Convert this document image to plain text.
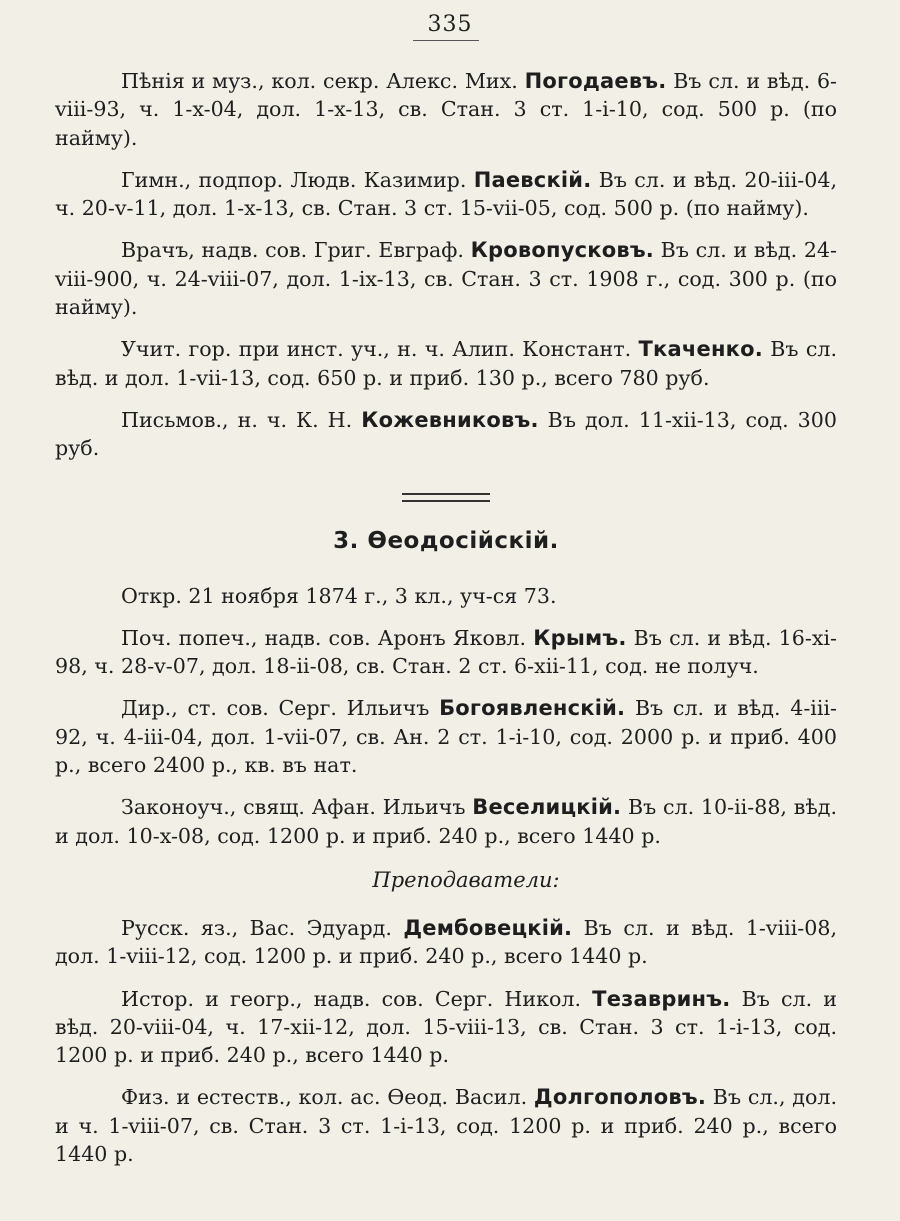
335

Пѣнія и муз., кол. секр. Алекс. Мих. Погодаевъ. Въ сл. и вѣд. 6-viii-93, ч. 1-x-04, дол. 1-x-13, св. Стан. 3 ст. 1-i-10, сод. 500 р. (по найму).

Гимн., подпор. Людв. Казимир. Паевскій. Въ сл. и вѣд. 20-iii-04, ч. 20-v-11, дол. 1-x-13, св. Стан. 3 ст. 15-vii-05, сод. 500 р. (по найму).

Врачъ, надв. сов. Григ. Евграф. Кровопусковъ. Въ сл. и вѣд. 24-viii-900, ч. 24-viii-07, дол. 1-ix-13, св. Стан. 3 ст. 1908 г., сод. 300 р. (по найму).

Учит. гор. при инст. уч., н. ч. Алип. Констант. Ткаченко. Въ сл. вѣд. и дол. 1-vii-13, сод. 650 р. и приб. 130 р., всего 780 руб.

Письмов., н. ч. К. Н. Кожевниковъ. Въ дол. 11-xii-13, сод. 300 руб.

3. Ѳеодосійскій.

Откр. 21 ноября 1874 г., 3 кл., уч-ся 73.

Поч. попеч., надв. сов. Аронъ Яковл. Крымъ. Въ сл. и вѣд. 16-xi-98, ч. 28-v-07, дол. 18-ii-08, св. Стан. 2 ст. 6-xii-11, сод. не получ.

Дир., ст. сов. Серг. Ильичъ Богоявленскій. Въ сл. и вѣд. 4-iii-92, ч. 4-iii-04, дол. 1-vii-07, св. Ан. 2 ст. 1-i-10, сод. 2000 р. и приб. 400 р., всего 2400 р., кв. въ нат.

Законоуч., свящ. Афан. Ильичъ Веселицкій. Въ сл. 10-ii-88, вѣд. и дол. 10-x-08, сод. 1200 р. и приб. 240 р., всего 1440 р.

Преподаватели:

Русск. яз., Вас. Эдуард. Дембовецкій. Въ сл. и вѣд. 1-viii-08, дол. 1-viii-12, сод. 1200 р. и приб. 240 р., всего 1440 р.

Истор. и геогр., надв. сов. Серг. Никол. Тезавринъ. Въ сл. и вѣд. 20-viii-04, ч. 17-xii-12, дол. 15-viii-13, св. Стан. 3 ст. 1-i-13, сод. 1200 р. и приб. 240 р., всего 1440 р.

Физ. и естеств., кол. ас. Ѳеод. Васил. Долгополовъ. Въ сл., дол. и ч. 1-viii-07, св. Стан. 3 ст. 1-i-13, сод. 1200 р. и приб. 240 р., всего 1440 р.
